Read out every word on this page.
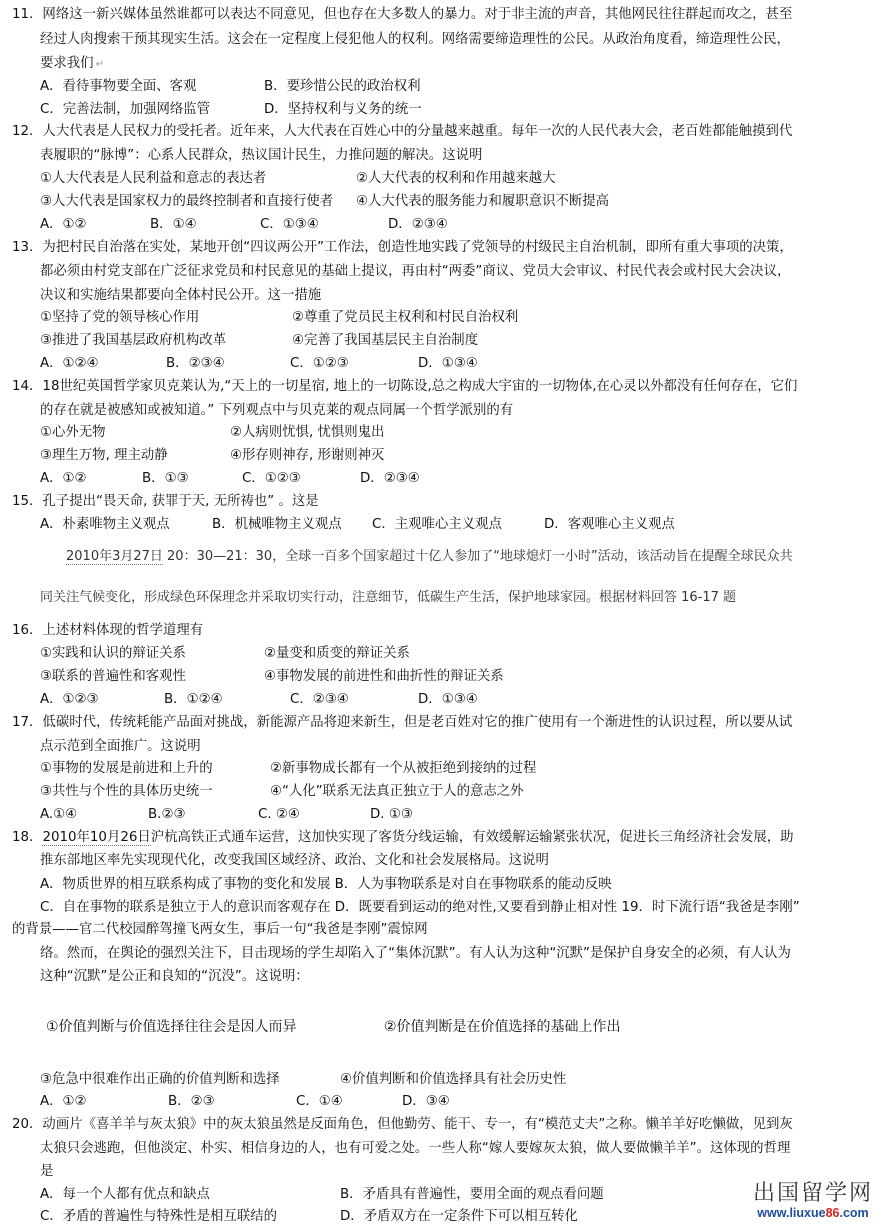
11．网络这一新兴媒体虽然谁都可以表达不同意见，但也存在大多数人的暴力。对于非主流的声音，其他网民往往群起而攻之，甚至
经过人肉搜索干预其现实生活。这会在一定程度上侵犯他人的权利。网络需要缔造理性的公民。从政治角度看，缔造理性公民，
要求我们 ↵
A．看待事物要全面、客观	B．要珍惜公民的政治权利
C．完善法制，加强网络监管	D．坚持权利与义务的统一
12．人大代表是人民权力的受托者。近年来，人大代表在百姓心中的分量越来越重。每年一次的人民代表大会，老百姓都能触摸到代
表履职的“脉博”：心系人民群众，热议国计民生，力推问题的解决。这说明
①人大代表是人民利益和意志的表达者	②人大代表的权利和作用越来越大
③人大代表是国家权力的最终控制者和直接行使者 ④人大代表的服务能力和履职意识不断提高
A．①②	B．①④	C．①③④	D．②③④
13．为把村民自治落在实处，某地开创“四议两公开”工作法，创造性地实践了党领导的村级民主自治机制，即所有重大事项的决策，
都必须由村党支部在广泛征求党员和村民意见的基础上提议，再由村“两委”商议、党员大会审议、村民代表会或村民大会决议，
决议和实施结果都要向全体村民公开。这一措施
①坚持了党的领导核心作用	②尊重了党员民主权利和村民自治权利
③推进了我国基层政府机构改革	④完善了我国基层民主自治制度
A．①②④	B．②③④	C．①②③	D．①③④
14．18世纪英国哲学家贝克莱认为,“天上的一切星宿, 地上的一切陈设,总之构成大宇宙的一切物体,在心灵以外都没有任何存在，它们
的存在就是被感知或被知道。” 下列观点中与贝克莱的观点同属一个哲学派别的有
①心外无物	②人病则忧惧, 忧惧则鬼出
③理生万物, 理主动静	④形存则神存, 形谢则神灭
A．①②	B．①③	C．①②③	D．②③④
15．孔子提出“畏天命, 获罪于天, 无所祷也” 。这是
A．朴素唯物主义观点	B．机械唯物主义观点 C．主观唯心主义观点	D．客观唯心主义观点
2010年3月27日 20：30—21：30，全球一百多个国家超过十亿人参加了“地球熄灯一小时”活动，该活动旨在提醒全球民众共
同关注气候变化，形成绿色环保理念并采取切实行动，注意细节，低碳生产生活，保护地球家园。根据材料回答 16-17 题
16．上述材料体现的哲学道理有
①实践和认识的辩证关系	②量变和质变的辩证关系
③联系的普遍性和客观性	④事物发展的前进性和曲折性的辩证关系
A．①②③	B．①②④	C．②③④	D．①③④
17．低碳时代，传统耗能产品面对挑战，新能源产品将迎来新生，但是老百姓对它的推广使用有一个渐进性的认识过程，所以要从试
点示范到全面推广。这说明
①事物的发展是前进和上升的	②新事物成长都有一个从被拒绝到接纳的过程
③共性与个性的具体历史统一	④“人化”联系无法真正独立于人的意志之外
A.①④	B.②③	C. ②④	D. ①③
18．2010年10月26日沪杭高铁正式通车运营，这加快实现了客货分线运输，有效缓解运输紧张状况，促进长三角经济社会发展，助
推东部地区率先实现现代化，改变我国区域经济、政治、文化和社会发展格局。这说明
A．物质世界的相互联系构成了事物的变化和发展 B．人为事物联系是对自在事物联系的能动反映
C．自在事物的联系是独立于人的意识而客观存在 D．既要看到运动的绝对性,又要看到静止相对性 19．时下流行语“我爸是李刚”
的背景——官二代校园醉驾撞飞两女生，事后一句“我爸是李刚”震惊网
络。然而，在舆论的强烈关注下，目击现场的学生却陷入了“集体沉默”。有人认为这种“沉默”是保护自身安全的必须，有人认为
这种“沉默”是公正和良知的“沉没”。这说明：
①价值判断与价值选择往往会是因人而异	②价值判断是在价值选择的基础上作出
③危急中很难作出正确的价值判断和选择	④价值判断和价值选择具有社会历史性
A．①②	B．②③	C．①④	D．③④
20．动画片《喜羊羊与灰太狼》中的灰太狼虽然是反面角色，但他勤劳、能干、专一，有“模范丈夫”之称。懒羊羊好吃懒做，见到灰
太狼只会逃跑，但他淡定、朴实、相信身边的人，也有可爱之处。一些人称“嫁人要嫁灰太狼，做人要做懒羊羊”。这体现的哲理
是
A．每一个人都有优点和缺点	B．矛盾具有普遍性，要用全面的观点看问题
C．矛盾的普遍性与特殊性是相互联结的	D．矛盾双方在一定条件下可以相互转化
出国留学网
www.liuxue86.com
